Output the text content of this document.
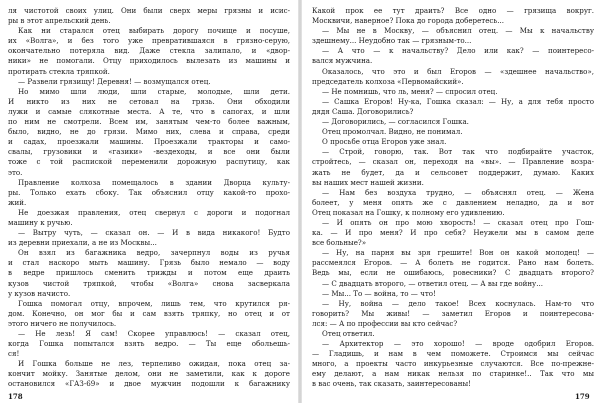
ля чистотой своих улиц. Они были сверх меры грязны и исис-

ры в этот апрельский день.

Как ни старался отец выбирать дорогу почище и посуше,

их «Волга», и без того уже превратившаяся в грязно-серую,

окончательно потеряла вид. Даже стекла залипало, и «двор-

ники» не помогали. Отцу приходилось вылезать из машины и

протирать стекла тряпкой.

— Развели грязищу! Деревня! — возмущался отец.

Но мимо шли люди, шли старые, молодые, шли дети.

И никто из них не сетовал на грязь. Они обходили

лужи и самые слякотные места. А те, что в сапогах, и шли

по ним не смотрели. Всем им, занятым чем-то более важным,

было, видно, не до грязи. Мимо них, слева и справа, среди

и садах, проезжали машины. Проезжали тракторы и само-

свалы, грузовики и «газики» -вездеходы, и все они были

тоже с той распиской переменили дорожную распутицу, как

это.

Правление колхоза помещалось в здании Дворца культу-

ры. Только ехать сбоку. Так объяснил отцу какой-то прохо-

жий.

Не доезжая правления, отец свернул с дороги и подогнал

машину к ручью.

— Вытру чуть, — сказал он. — И в вида никакого! Будто

из деревни приехали, а не из Москвы...

Он взял из багажника ведро, зачерпнул воды из ручья

и стал наскоро мыть машину. Грязь было немало — воду

в ведре пришлось сменить трижды и потом еще драить

кузов чистой тряпкой, чтобы «Волга» снова засверкала

у кузов начисто.

Гошка помогал отцу, впрочем, лишь тем, что крутился ря-

дом. Конечно, он мог бы и сам взять тряпку, но отец и от

этого ничего не получилось.

— Не лезь! Я сам! Скорее управлюсь! — сказал отец,

когда Гошка попытался взять ведро. — Ты еще обольешь-

ся!

И Гошка больше не лез, терпеливо ожидая, пока отец за-

кончит мойку. Занятые делом, они не заметили, как к дороге

остановился «ГАЗ-69» и двое мужчин подошли к багажнику

Какой прок ее тут драить? Все одно — грязища вокруг.

Москвичи, наверное? Пока до города доберетесь...

— Мы не в Москву, — объяснил отец. — Мы к начальству

здешнему... Неудобно так — грязным-то...

— А что — к начальству? Дело или как? — поинтересо-

вался мужчина.

Оказалось, что это и был Егоров — «здешнее начальство»,

председатель колхоза «Первомайский».

— Не помнишь, что ль, меня? — спросил отец.

— Сашка Егоров! Ну-ка, Гошка сказал: — Ну, а для тебя просто

дядя Саша. Договорились?

— Договорились, — согласился Гошка.

Отец промолчал. Видно, не понимал.

О просьбе отца Егоров уже знал.

— Строй, говорю, так. Вот так что подбирайте участок,

стройтесь, — сказал он, переходя на «вы». — Правление возра-

жать не будет, да и сельсовет поддержит, думаю. Каких

вы наших мест нашей жизни.

— Нам без воздуха трудно, — объяснял отец. — Жена

болеет, у меня опять же с давлением неладно, да и вот

Отец показал на Гошку, к полному его удивлению.

— И опять он про мою хворость! — сказал отец про Гош-

ка. — И про меня? И про себя? Неужели мы в самом деле

все больные?»

— Ну, на парня вы зря грешите! Вон он какой молодец! —

рассмеялся Егоров. — А болеть не годится. Рано нам болеть.

Ведь мы, если не ошибаюсь, ровесники? С двадцать второго?

— С двадцать второго, — ответил отец. — А вы где войну...

— Мы... То — война, то — что!

— Ну, война — дело такое! Всех коснулась. Нам-то что

говорить? Мы живы! — заметил Егоров и поинтересова-

лся: — А по профессии вы кто сейчас?

Отец ответил.

— Архитектор — это хорошо! — вроде одобрил Егоров.

— Гладишь, и нам в чем поможете. Строимся мы сейчас

много, а проекты часто инкурьезные случаются. Все по-прежне-

ему делают, а нам никак нельзя по старинке!.. Так что мы

в вас очень, так сказать, заинтересованы!

178	179
